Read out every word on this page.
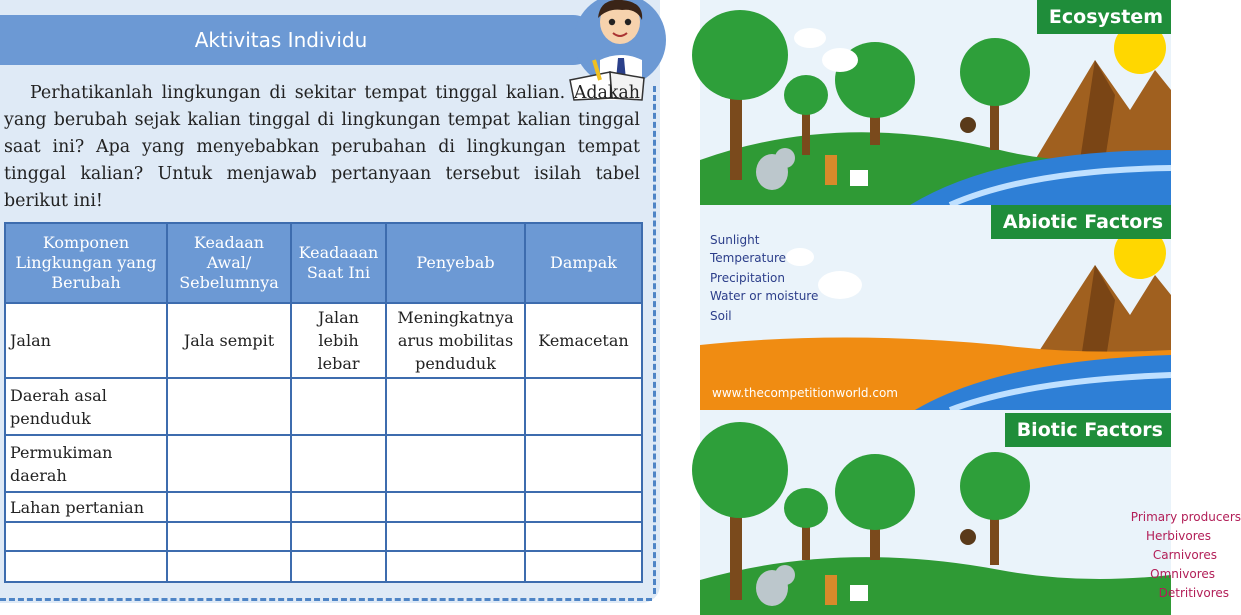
Aktivitas Individu

Perhatikanlah lingkungan di sekitar tempat tinggal kalian. Adakah yang berubah sejak kalian tinggal di lingkungan tempat kalian tinggal saat ini? Apa yang menyebabkan perubahan di lingkungan tempat tinggal kalian? Untuk menjawab pertanyaan tersebut isilah tabel berikut ini!

Komponen Lingkungan yang Berubah	Keadaan Awal/ Sebelumnya	Keadaaan Saat Ini	Penyebab	Dampak
Jalan	Jala sempit	Jalan lebih lebar	Meningkatnya arus mobilitas penduduk	Kemacetan
Daerah asal penduduk				
Permukiman daerah				
Lahan pertanian				

Ecosystem
Abiotic Factors
Sunlight
Temperature
Precipitation
Water or moisture
Soil
www.thecompetitionworld.com
Biotic Factors
Primary producers
Herbivores
Carnivores
Omnivores
Detritivores
